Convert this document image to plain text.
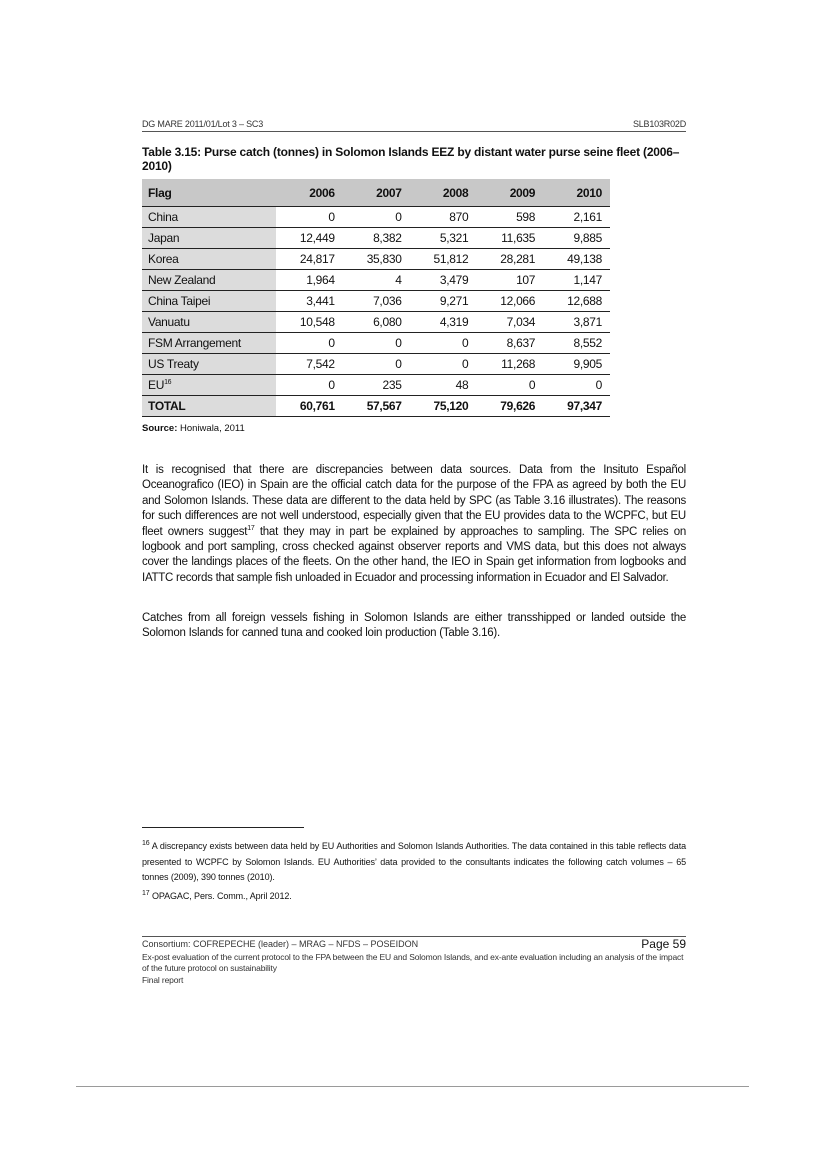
DG MARE 2011/01/Lot 3 – SC3	SLB103R02D
Table 3.15: Purse catch (tonnes) in Solomon Islands EEZ by distant water purse seine fleet (2006–2010)
Flag	2006	2007	2008	2009	2010
China	0	0	870	598	2,161
Japan	12,449	8,382	5,321	11,635	9,885
Korea	24,817	35,830	51,812	28,281	49,138
New Zealand	1,964	4	3,479	107	1,147
China Taipei	3,441	7,036	9,271	12,066	12,688
Vanuatu	10,548	6,080	4,319	7,034	3,871
FSM Arrangement	0	0	0	8,637	8,552
US Treaty	7,542	0	0	11,268	9,905
EU$^{16}$	0	235	48	0	0
TOTAL	60,761	57,567	75,120	79,626	97,347
Source: Honiwala, 2011
It is recognised that there are discrepancies between data sources. Data from the Insituto Español Oceanografico (IEO) in Spain are the official catch data for the purpose of the FPA as agreed by both the EU and Solomon Islands. These data are different to the data held by SPC (as Table 3.16 illustrates). The reasons for such differences are not well understood, especially given that the EU provides data to the WCPFC, but EU fleet owners suggest$^{17}$ that they may in part be explained by approaches to sampling. The SPC relies on logbook and port sampling, cross checked against observer reports and VMS data, but this does not always cover the landings places of the fleets. On the other hand, the IEO in Spain get information from logbooks and IATTC records that sample fish unloaded in Ecuador and processing information in Ecuador and El Salvador.
Catches from all foreign vessels fishing in Solomon Islands are either transshipped or landed outside the Solomon Islands for canned tuna and cooked loin production (Table 3.16).
$^{16}$ A discrepancy exists between data held by EU Authorities and Solomon Islands Authorities. The data contained in this table reflects data presented to WCPFC by Solomon Islands. EU Authorities’ data provided to the consultants indicates the following catch volumes – 65 tonnes (2009), 390 tonnes (2010).
$^{17}$ OPAGAC, Pers. Comm., April 2012.
Consortium: COFREPECHE (leader) – MRAG – NFDS – POSEIDON	Page 59
Ex-post evaluation of the current protocol to the FPA between the EU and Solomon Islands, and ex-ante evaluation including an analysis of the impact of the future protocol on sustainability
Final report
